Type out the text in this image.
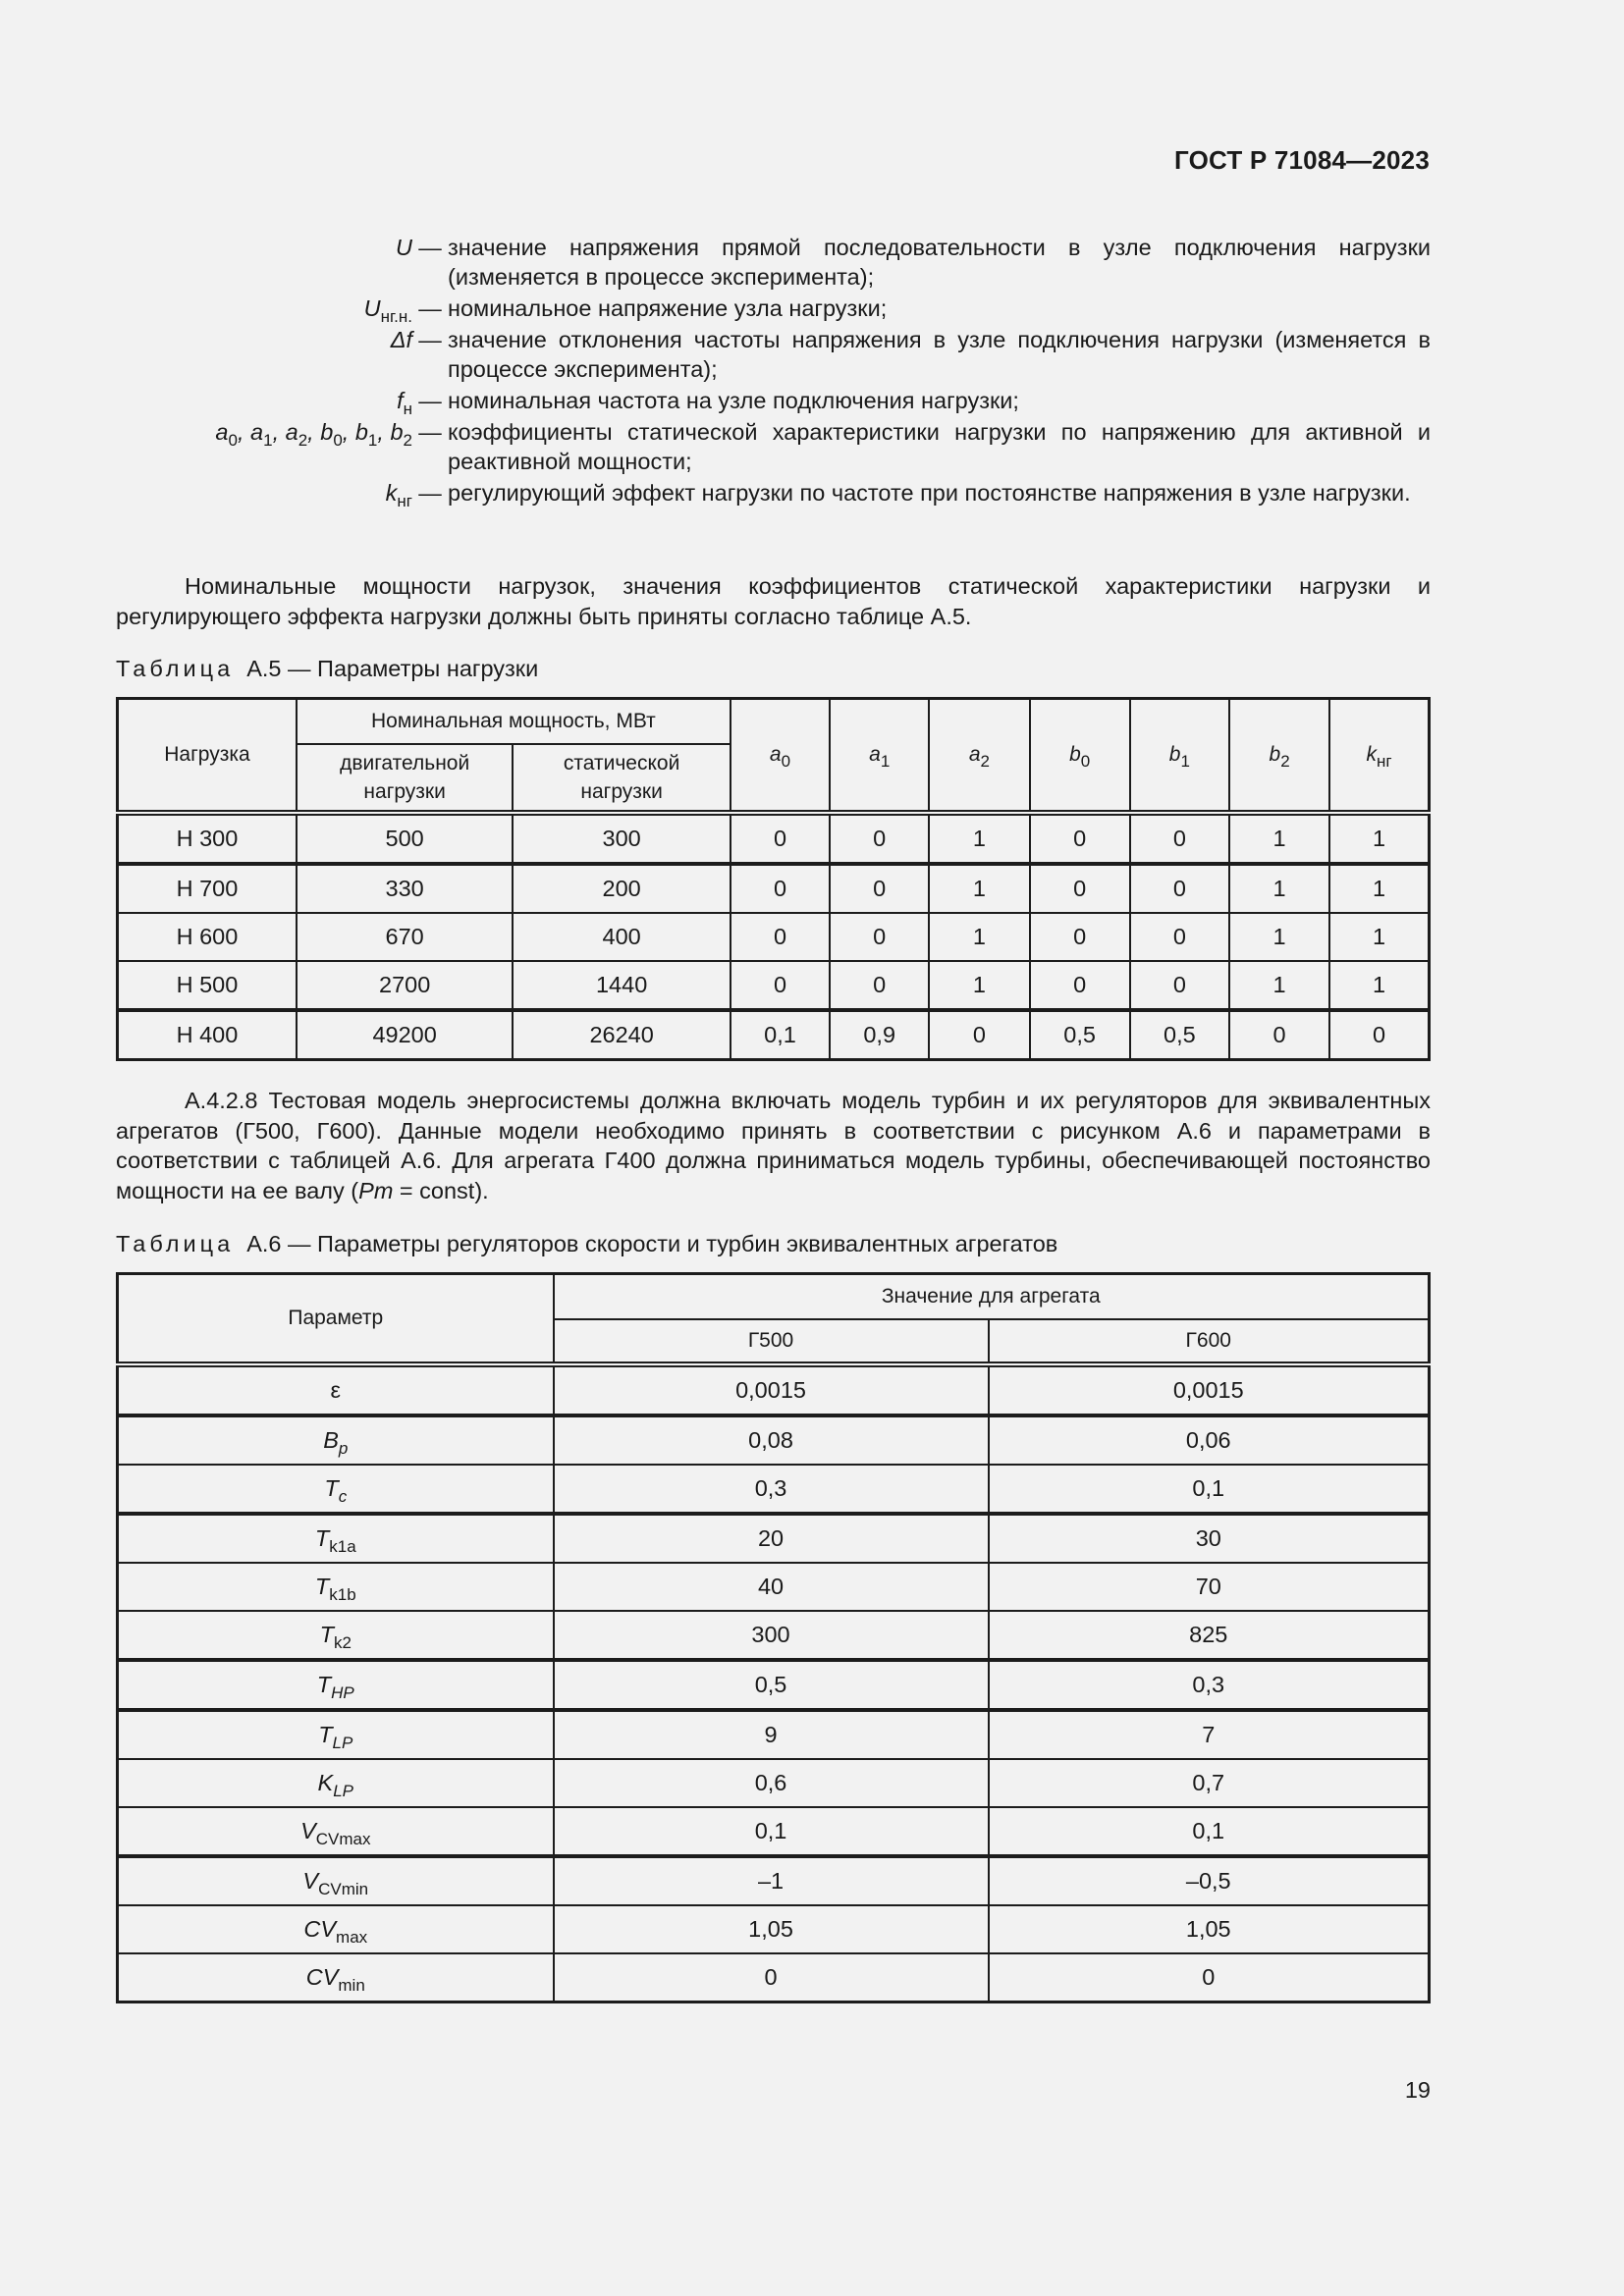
ГОСТ Р 71084—2023
U — значение напряжения прямой последовательности в узле подключения нагрузки (изменяется в процессе эксперимента);
$U_{нг.н.}$ — номинальное напряжение узла нагрузки;
Δf — значение отклонения частоты напряжения в узле подключения нагрузки (изменяется в процессе эксперимента);
$f_н$ — номинальная частота на узле подключения нагрузки;
$a_0$, $a_1$, $a_2$, $b_0$, $b_1$, $b_2$ — коэффициенты статической характеристики нагрузки по напряжению для активной и реактивной мощности;
$k_{нг}$ — регулирующий эффект нагрузки по частоте при постоянстве напряжения в узле нагрузки.
Номинальные мощности нагрузок, значения коэффициентов статической характеристики нагрузки и регулирующего эффекта нагрузки должны быть приняты согласно таблице А.5.
Таблица А.5 — Параметры нагрузки
Нагрузка	Номинальная мощность, МВт		$a_0$	$a_1$	$a_2$	$b_0$	$b_1$	$b_2$	$k_{нг}$
	двигательной нагрузки	статической нагрузки							
Н 300	500	300	0	0	1	0	0	1	1
Н 700	330	200	0	0	1	0	0	1	1
Н 600	670	400	0	0	1	0	0	1	1
Н 500	2700	1440	0	0	1	0	0	1	1
Н 400	49200	26240	0,1	0,9	0	0,5	0,5	0	0
А.4.2.8 Тестовая модель энергосистемы должна включать модель турбин и их регуляторов для эквивалентных агрегатов (Г500, Г600). Данные модели необходимо принять в соответствии с рисунком А.6 и параметрами в соответствии с таблицей А.6. Для агрегата Г400 должна приниматься модель турбины, обеспечивающей постоянство мощности на ее валу (Pm = const).
Таблица А.6 — Параметры регуляторов скорости и турбин эквивалентных агрегатов
Параметр	Значение для агрегата	
	Г500	Г600
ε	0,0015	0,0015
$B_p$	0,08	0,06
$T_c$	0,3	0,1
$T_{k1a}$	20	30
$T_{k1b}$	40	70
$T_{k2}$	300	825
$T_{HP}$	0,5	0,3
$T_{LP}$	9	7
$K_{LP}$	0,6	0,7
$V_{CVmax}$	0,1	0,1
$V_{CVmin}$	–1	–0,5
$CV_{max}$	1,05	1,05
$CV_{min}$	0	0
19
